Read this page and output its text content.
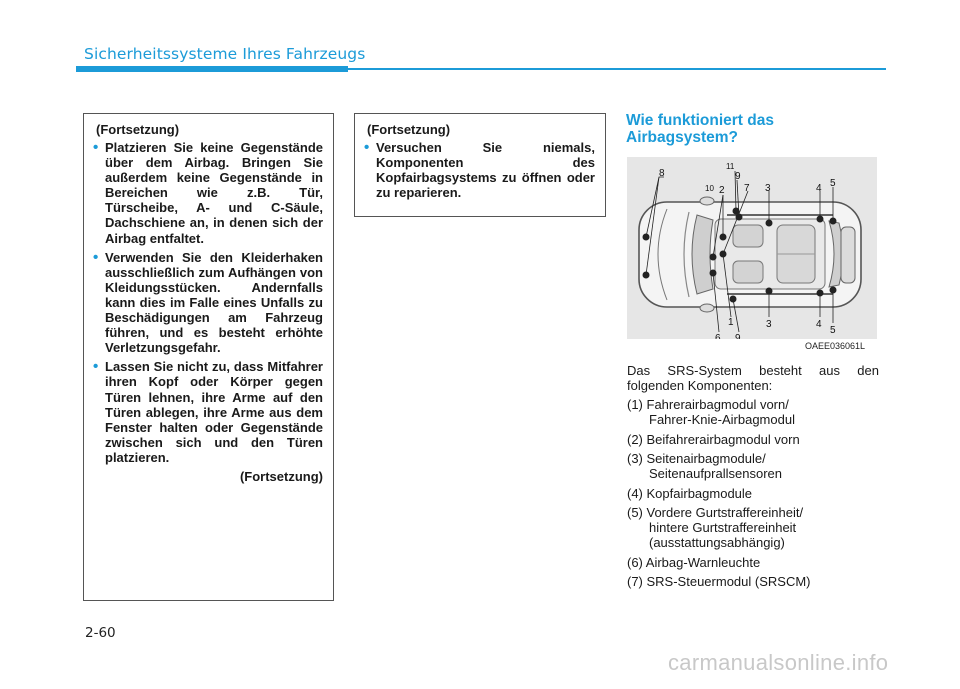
Sicherheitssysteme Ihres Fahrzeugs
(Fortsetzung)
• Platzieren Sie keine Gegenstände über dem Airbag. Bringen Sie außerdem keine Gegenstände in Bereichen wie z.B. Tür, Türscheibe, A- und C-Säule, Dachschiene an, in denen sich der Airbag entfaltet.
• Verwenden Sie den Kleiderhaken ausschließlich zum Aufhängen von Kleidungsstücken. Andernfalls kann dies im Falle eines Unfalls zu Beschädigungen am Fahrzeug führen, und es besteht erhöhte Verletzungsgefahr.
• Lassen Sie nicht zu, dass Mitfahrer ihren Kopf oder Körper gegen Türen lehnen, ihre Arme auf den Türen ablegen, ihre Arme aus dem Fenster halten oder Gegenstände zwischen sich und den Türen platzieren.
(Fortsetzung)
(Fortsetzung)
• Versuchen Sie niemals, Komponenten des Kopfairbagsystems zu öffnen oder zu reparieren.
Wie funktioniert das
Airbagsystem?
8
11
10 2
9
7 3	4 5
6
1
9
3	4
5
OAEE036061L
Das SRS-System besteht aus den folgenden Komponenten:
(1) Fahrerairbagmodul vorn/
Fahrer-Knie-Airbagmodul
(2) Beifahrerairbagmodul vorn
(3) Seitenairbagmodule/
Seitenaufprallsensoren
(4) Kopfairbagmodule
(5) Vordere Gurtstraffereinheit/
hintere Gurtstraffereinheit
(ausstattungsabhängig)
(6) Airbag-Warnleuchte
(7) SRS-Steuermodul (SRSCM)
2-60
carmanualsonline.info
